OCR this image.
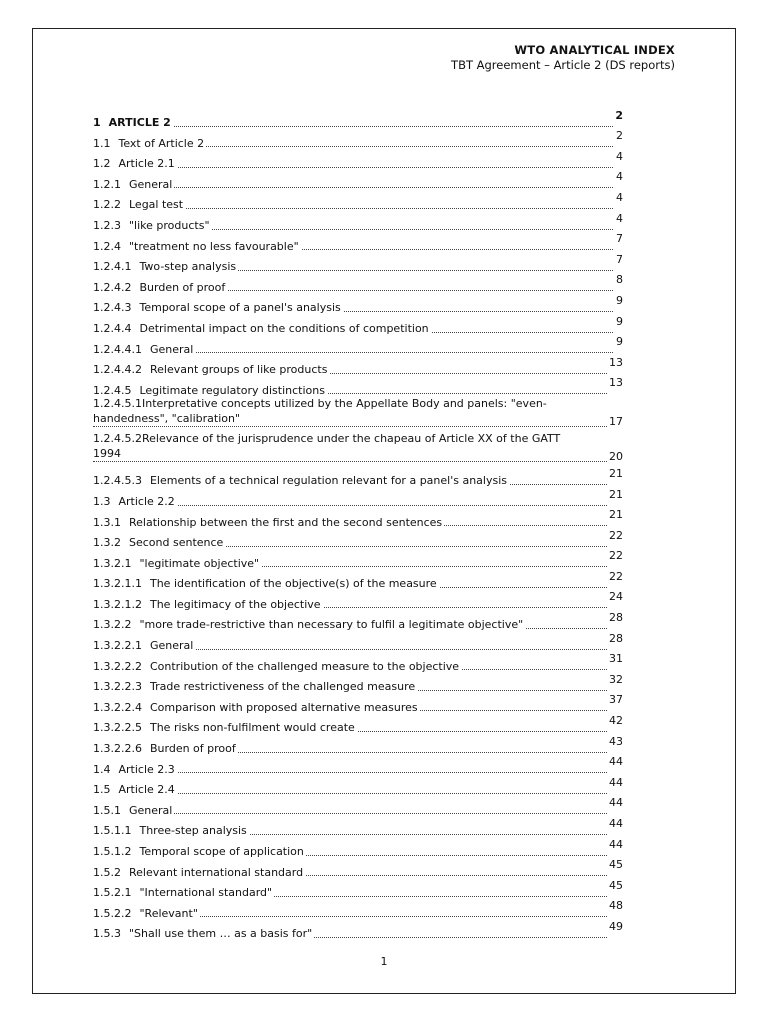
WTO ANALYTICAL INDEX
TBT Agreement – Article 2 (DS reports)
1 ARTICLE 2
2
1.1 Text of Article 2
2
1.2 Article 2.1
4
1.2.1 General
4
1.2.2 Legal test
4
1.2.3 "like products"
4
1.2.4 "treatment no less favourable"
7
1.2.4.1 Two-step analysis
7
1.2.4.2 Burden of proof
8
1.2.4.3 Temporal scope of a panel's analysis
9
1.2.4.4 Detrimental impact on the conditions of competition
9
1.2.4.4.1 General
9
1.2.4.4.2 Relevant groups of like products
13
1.2.4.5 Legitimate regulatory distinctions
13
1.2.4.5.1Interpretative concepts utilized by the Appellate Body and panels: "even-
handedness", "calibration"	17
1.2.4.5.2Relevance of the jurisprudence under the chapeau of Article XX of the GATT
1994	20
1.2.4.5.3 Elements of a technical regulation relevant for a panel's analysis
21
1.3 Article 2.2
21
1.3.1 Relationship between the first and the second sentences
21
1.3.2 Second sentence
22
1.3.2.1 "legitimate objective"
22
1.3.2.1.1 The identification of the objective(s) of the measure
22
1.3.2.1.2 The legitimacy of the objective
24
1.3.2.2 "more trade-restrictive than necessary to fulfil a legitimate objective"
28
1.3.2.2.1 General
28
1.3.2.2.2 Contribution of the challenged measure to the objective
31
1.3.2.2.3 Trade restrictiveness of the challenged measure
32
1.3.2.2.4 Comparison with proposed alternative measures
37
1.3.2.2.5 The risks non-fulfilment would create
42
1.3.2.2.6 Burden of proof
43
1.4 Article 2.3
44
1.5 Article 2.4
44
1.5.1 General
44
1.5.1.1 Three-step analysis
44
1.5.1.2 Temporal scope of application
44
1.5.2 Relevant international standard
45
1.5.2.1 "International standard"
45
1.5.2.2 "Relevant"
48
1.5.3 "Shall use them … as a basis for"
49
1
